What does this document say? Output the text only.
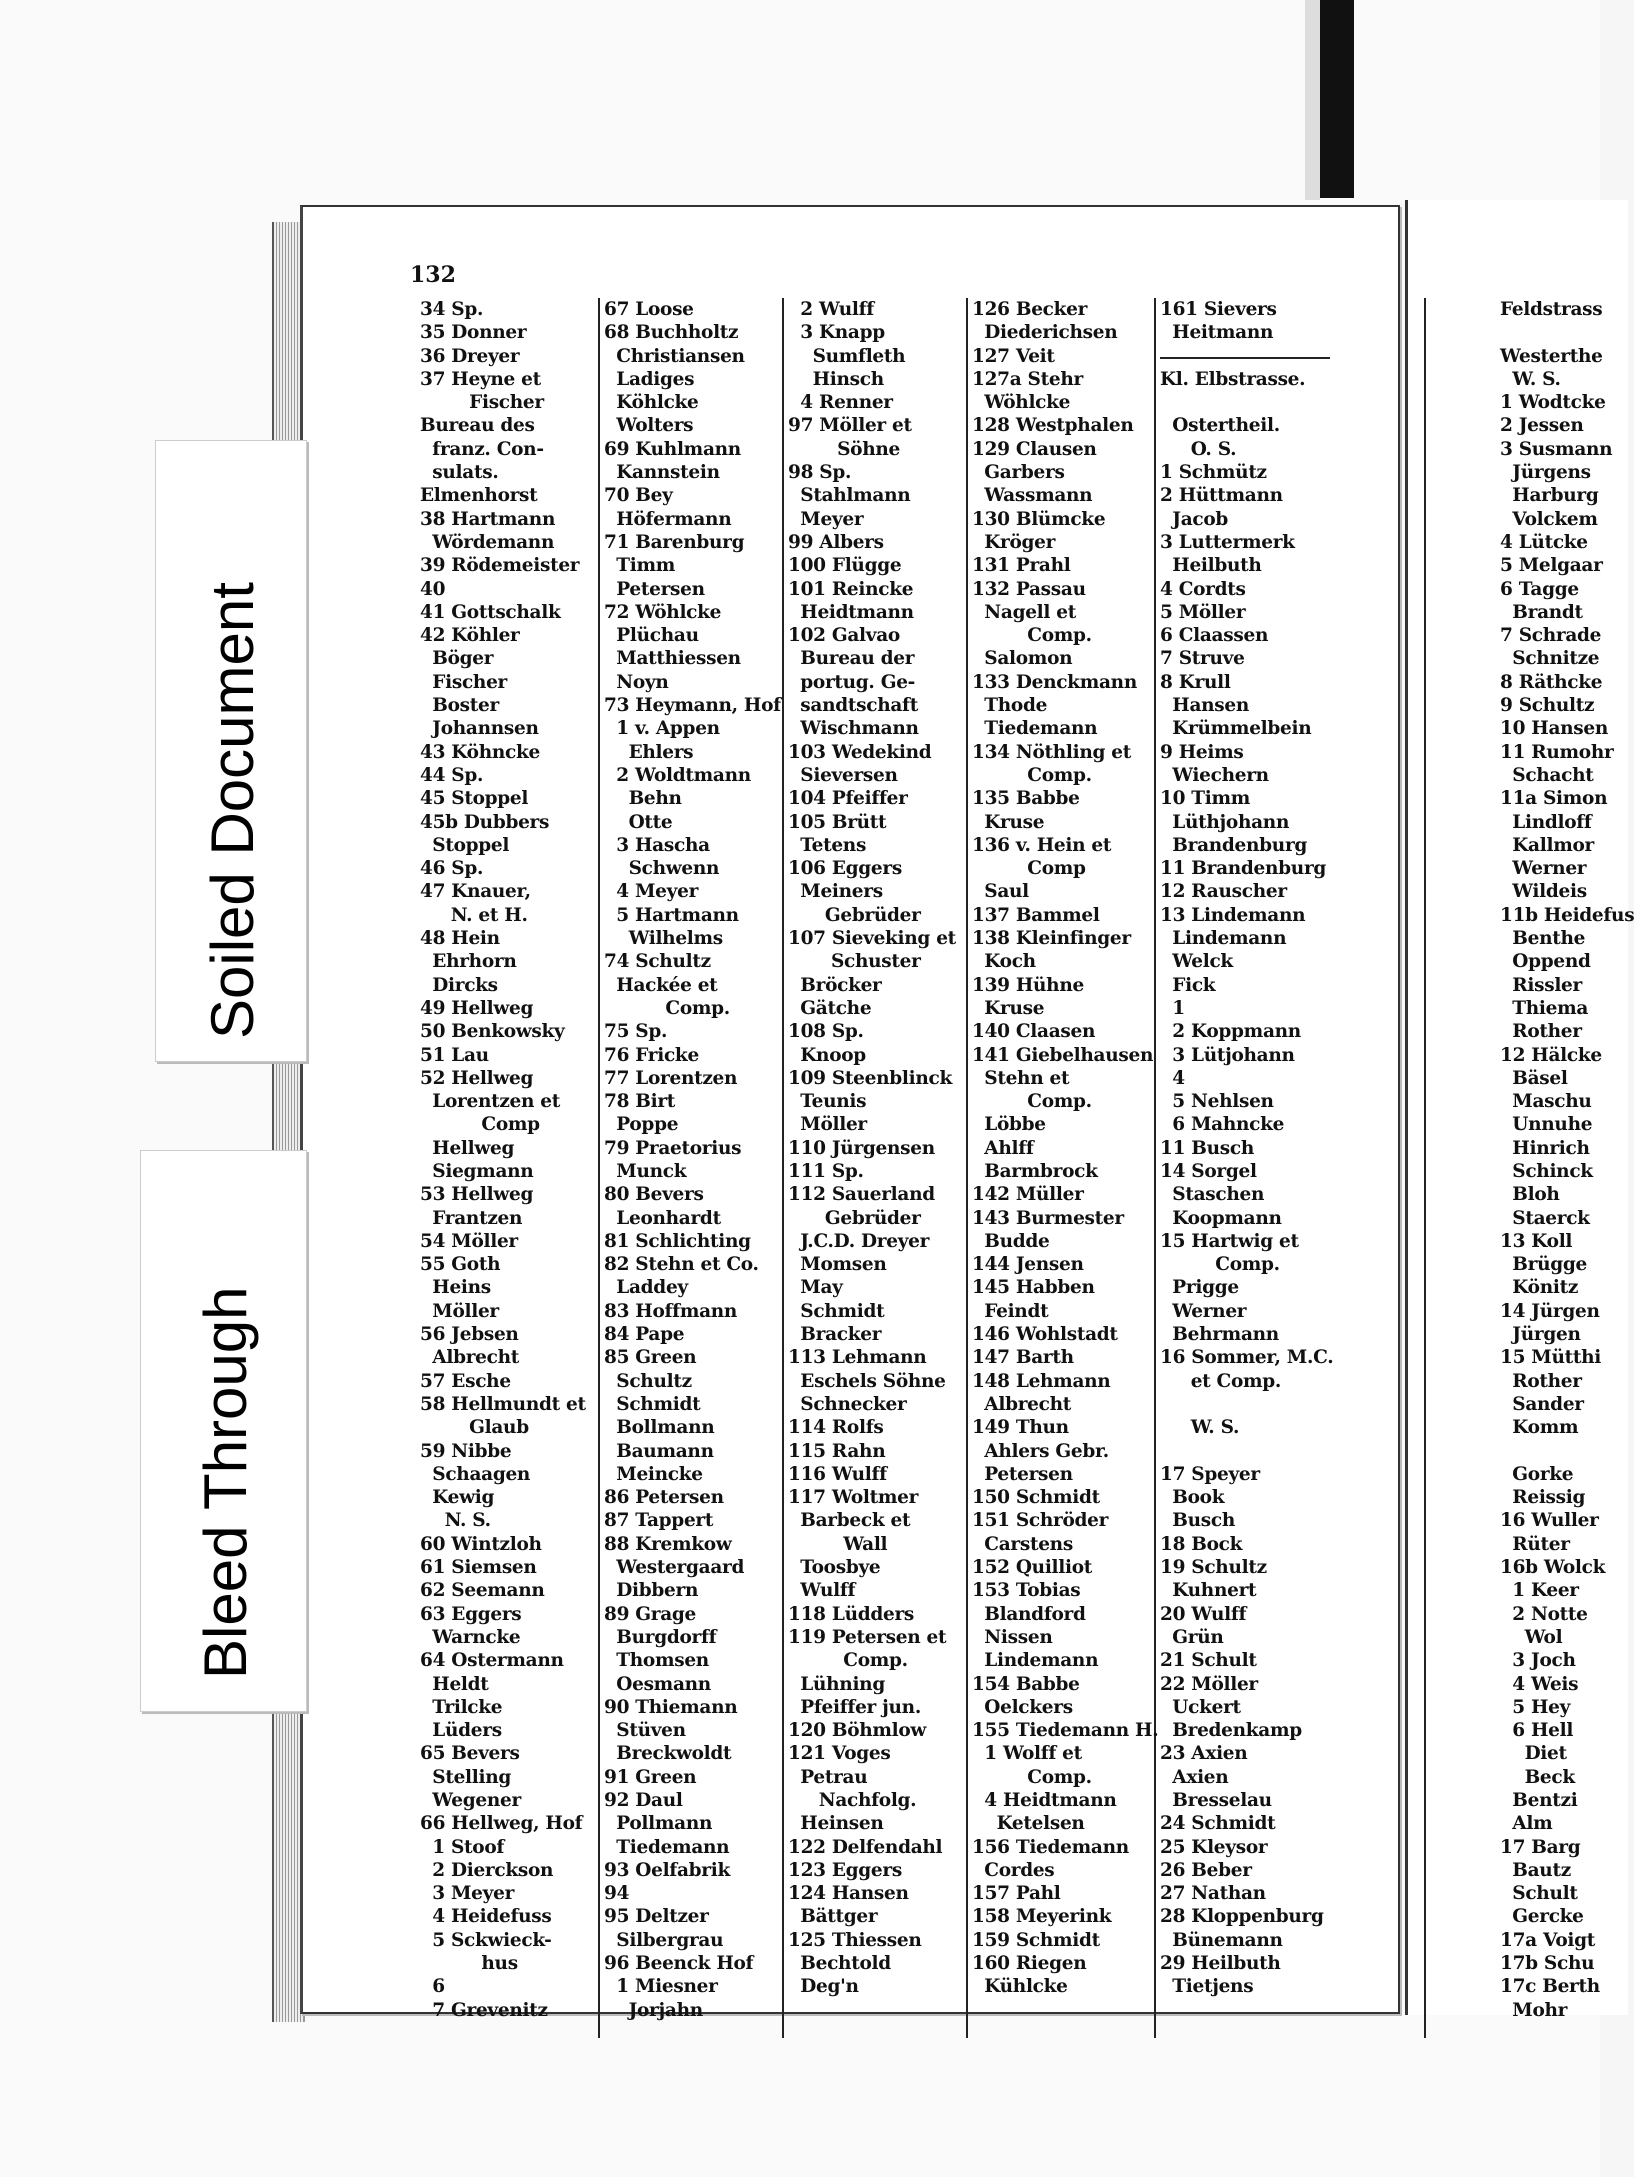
Soiled Document
Bleed Through
132
34 Sp.
35 Donner
36 Dreyer
37 Heyne et
Fischer
Bureau des
franz. Con-
sulats.
Elmenhorst
38 Hartmann
Wördemann
39 Rödemeister
40
41 Gottschalk
42 Köhler
Böger
Fischer
Boster
Johannsen
43 Köhncke
44 Sp.
45 Stoppel
45b Dubbers
Stoppel
46 Sp.
47 Knauer,
N. et H.
48 Hein
Ehrhorn
Dircks
49 Hellweg
50 Benkowsky
51 Lau
52 Hellweg
Lorentzen et
Comp
Hellweg
Siegmann
53 Hellweg
Frantzen
54 Möller
55 Goth
Heins
Möller
56 Jebsen
Albrecht
57 Esche
58 Hellmundt et
Glaub
59 Nibbe
Schaagen
Kewig
N. S.
60 Wintzloh
61 Siemsen
62 Seemann
63 Eggers
Warncke
64 Ostermann
Heldt
Trilcke
Lüders
65 Bevers
Stelling
Wegener
66 Hellweg, Hof
1 Stoof
2 Dierckson
3 Meyer
4 Heidefuss
5 Sckwieck-
hus
6
7 Grevenitz
67 Loose
68 Buchholtz
Christiansen
Ladiges
Köhlcke
Wolters
69 Kuhlmann
Kannstein
70 Bey
Höfermann
71 Barenburg
Timm
Petersen
72 Wöhlcke
Plüchau
Matthiessen
Noyn
73 Heymann, Hof
1 v. Appen
Ehlers
2 Woldtmann
Behn
Otte
3 Hascha
Schwenn
4 Meyer
5 Hartmann
Wilhelms
74 Schultz
Hackée et
Comp.
75 Sp.
76 Fricke
77 Lorentzen
78 Birt
Poppe
79 Praetorius
Munck
80 Bevers
Leonhardt
81 Schlichting
82 Stehn et Co.
Laddey
83 Hoffmann
84 Pape
85 Green
Schultz
Schmidt
Bollmann
Baumann
Meincke
86 Petersen
87 Tappert
88 Kremkow
Westergaard
Dibbern
89 Grage
Burgdorff
Thomsen
Oesmann
90 Thiemann
Stüven
Breckwoldt
91 Green
92 Daul
Pollmann
Tiedemann
93 Oelfabrik
94
95 Deltzer
Silbergrau
96 Beenck Hof
1 Miesner
Jorjahn
2 Wulff
3 Knapp
Sumfleth
Hinsch
4 Renner
97 Möller et
Söhne
98 Sp.
Stahlmann
Meyer
99 Albers
100 Flügge
101 Reincke
Heidtmann
102 Galvao
Bureau der
portug. Ge-
sandtschaft
Wischmann
103 Wedekind
Sieversen
104 Pfeiffer
105 Brütt
Tetens
106 Eggers
Meiners
Gebrüder
107 Sieveking et
Schuster
Bröcker
Gätche
108 Sp.
Knoop
109 Steenblinck
Teunis
Möller
110 Jürgensen
111 Sp.
112 Sauerland
Gebrüder
J.C.D. Dreyer
Momsen
May
Schmidt
Bracker
113 Lehmann
Eschels Söhne
Schnecker
114 Rolfs
115 Rahn
116 Wulff
117 Woltmer
Barbeck et
Wall
Toosbye
Wulff
118 Lüdders
119 Petersen et
Comp.
Lühning
Pfeiffer jun.
120 Böhmlow
121 Voges
Petrau
Nachfolg.
Heinsen
122 Delfendahl
123 Eggers
124 Hansen
Bättger
125 Thiessen
Bechtold
Deg'n
126 Becker
Diederichsen
127 Veit
127a Stehr
Wöhlcke
128 Westphalen
129 Clausen
Garbers
Wassmann
130 Blümcke
Kröger
131 Prahl
132 Passau
Nagell et
Comp.
Salomon
133 Denckmann
Thode
Tiedemann
134 Nöthling et
Comp.
135 Babbe
Kruse
136 v. Hein et
Comp
Saul
137 Bammel
138 Kleinfinger
Koch
139 Hühne
Kruse
140 Claasen
141 Giebelhausen
Stehn et
Comp.
Löbbe
Ahlff
Barmbrock
142 Müller
143 Burmester
Budde
144 Jensen
145 Habben
Feindt
146 Wohlstadt
147 Barth
148 Lehmann
Albrecht
149 Thun
Ahlers Gebr.
Petersen
150 Schmidt
151 Schröder
Carstens
152 Quilliot
153 Tobias
Blandford
Nissen
Lindemann
154 Babbe
Oelckers
155 Tiedemann H.
1 Wolff et
Comp.
4 Heidtmann
Ketelsen
156 Tiedemann
Cordes
157 Pahl
158 Meyerink
159 Schmidt
160 Riegen
Kühlcke
161 Sievers
Heitmann
Kl. Elbstrasse.
Ostertheil.
O. S.
1 Schmütz
2 Hüttmann
Jacob
3 Luttermerk
Heilbuth
4 Cordts
5 Möller
6 Claassen
7 Struve
8 Krull
Hansen
Krümmelbein
9 Heims
Wiechern
10 Timm
Lüthjohann
Brandenburg
11 Brandenburg
12 Rauscher
13 Lindemann
Lindemann
Welck
Fick
1
2 Koppmann
3 Lütjohann
4
5 Nehlsen
6 Mahncke
11 Busch
14 Sorgel
Staschen
Koopmann
15 Hartwig et
Comp.
Prigge
Werner
Behrmann
16 Sommer, M.C.
et Comp.
W. S.
17 Speyer
Book
Busch
18 Bock
19 Schultz
Kuhnert
20 Wulff
Grün
21 Schult
22 Möller
Uckert
Bredenkamp
23 Axien
Axien
Bresselau
24 Schmidt
25 Kleysor
26 Beber
27 Nathan
28 Kloppenburg
Bünemann
29 Heilbuth
Tietjens
Feldstrass
Westerthe
W. S.
1 Wodtcke
2 Jessen
3 Susmann
Jürgens
Harburg
Volckem
4 Lütcke
5 Melgaar
6 Tagge
Brandt
7 Schrade
Schnitze
8 Räthcke
9 Schultz
10 Hansen
11 Rumohr
Schacht
11a Simon
Lindloff
Kallmor
Werner
Wildeis
11b Heidefus
Benthe
Oppend
Rissler
Thiema
Rother
12 Hälcke
Bäsel
Maschu
Unnuhe
Hinrich
Schinck
Bloh
Staerck
13 Koll
Brügge
Könitz
14 Jürgen
Jürgen
15 Mütthi
Rother
Sander
Komm
Gorke
Reissig
16 Wuller
Rüter
16b Wolck
1 Keer
2 Notte
Wol
3 Joch
4 Weis
5 Hey
6 Hell
Diet
Beck
Bentzi
Alm
17 Barg
Bautz
Schult
Gercke
17a Voigt
17b Schu
17c Berth
Mohr
